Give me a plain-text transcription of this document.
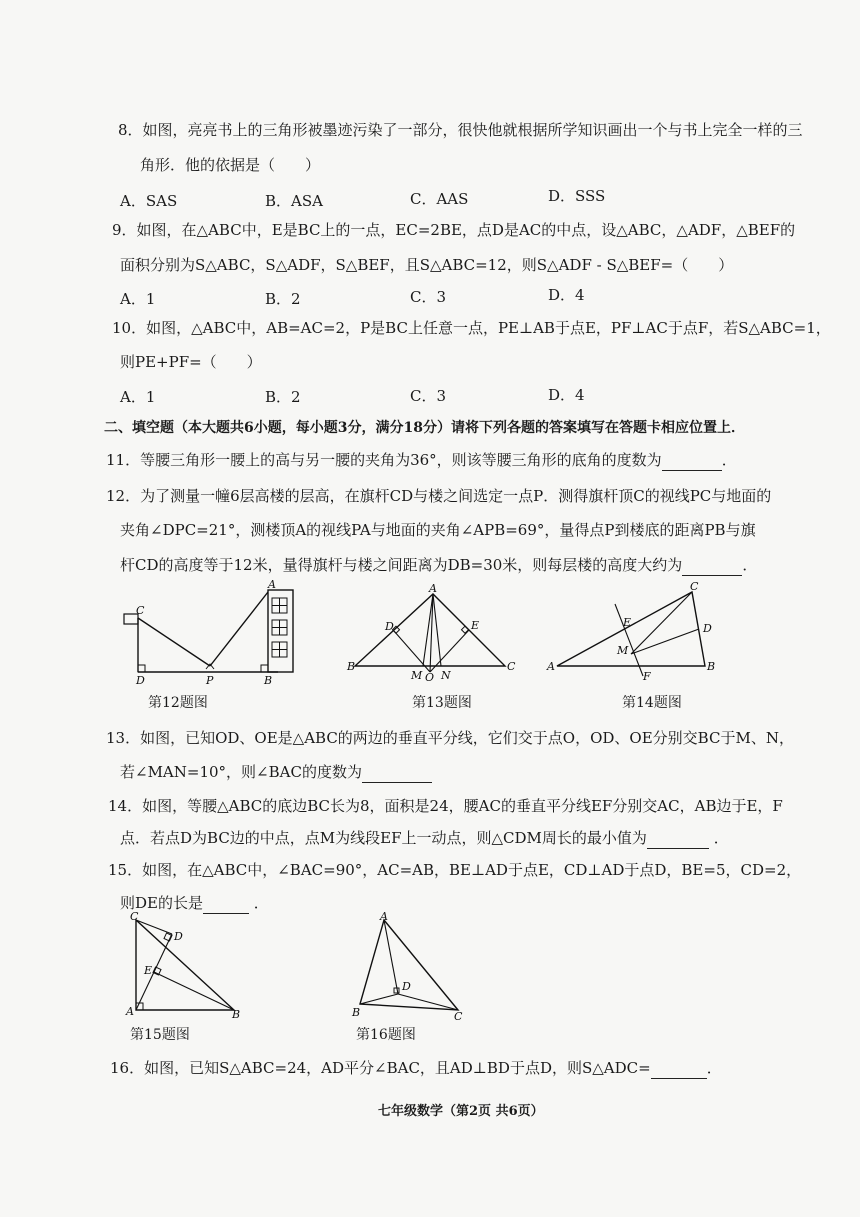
8．如图，亮亮书上的三角形被墨迹污染了一部分，很快他就根据所学知识画出一个与书上完全一样的三
角形．他的依据是（　　）
A．SAS	B．ASA	C．AAS	D．SSS
9．如图，在△ABC中，E是BC上的一点，EC=2BE，点D是AC的中点，设△ABC，△ADF，△BEF的
面积分别为S△ABC，S△ADF，S△BEF，且S△ABC=12，则S△ADF - S△BEF=（　　）
A．1	B．2	C．3	D．4
10．如图，△ABC中，AB=AC=2，P是BC上任意一点，PE⊥AB于点E，PF⊥AC于点F，若S△ABC=1，
则PE+PF=（　　）
A．1	B．2	C．3	D．4
二、填空题（本大题共6小题，每小题3分，满分18分）请将下列各题的答案填写在答题卡相应位置上．
11．等腰三角形一腰上的高与另一腰的夹角为36°，则该等腰三角形的底角的度数为	．
12．为了测量一幢6层高楼的层高，在旗杆CD与楼之间选定一点P．测得旗杆顶C的视线PC与地面的
夹角∠DPC=21°，测楼顶A的视线PA与地面的夹角∠APB=69°，量得点P到楼底的距离PB与旗
杆CD的高度等于12米，量得旗杆与楼之间距离为DB=30米，则每层楼的高度大约为	．
C
D	P	B
A
第12题图
A
B	C
D	E
M O N
第13题图
A	B
C
D
E
M
F
第14题图
13．如图，已知OD、OE是△ABC的两边的垂直平分线，它们交于点O，OD、OE分别交BC于M、N，
若∠MAN=10°，则∠BAC的度数为
14．如图，等腰△ABC的底边BC长为8，面积是24，腰AC的垂直平分线EF分别交AC，AB边于E，F
点．若点D为BC边的中点，点M为线段EF上一动点，则△CDM周长的最小值为	．
15．如图，在△ABC中，∠BAC=90°，AC=AB，BE⊥AD于点E，CD⊥AD于点D，BE=5，CD=2，
则DE的长是	．
C
D
E
A	B
第15题图
A
D
B	C
第16题图
16．如图，已知S△ABC=24，AD平分∠BAC，且AD⊥BD于点D，则S△ADC=	．
七年级数学（第2页 共6页）
